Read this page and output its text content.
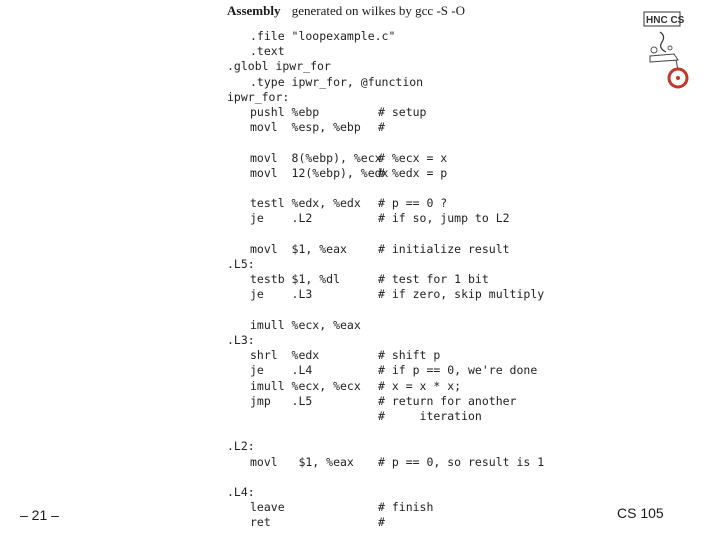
Assembly generated on wilkes by gcc -S -O
.file "loopexample.c"
.text
.globl ipwr_for
.type ipwr_for, @function
ipwr_for:
pushl %ebp	# setup
movl  %esp, %ebp #
movl  8(%ebp), %ecx
# %ecx = x
movl  12(%ebp), %edx
# %edx = p
testl %edx, %edx # p == 0 ?
je    .L2	# if so, jump to L2
movl  $1, %eax	# initialize result
.L5:
testb $1, %dl	# test for 1 bit
je    .L3	# if zero, skip multiply
imull %ecx, %eax
.L3:
shrl  %edx	# shift p
je    .L4	# if p == 0, we're done
imull %ecx, %ecx # x = x * x;
jmp   .L5	# return for another
#     iteration
.L2:
movl   $1, %eax # p == 0, so result is 1
.L4:
leave	# finish
ret	#
– 21 –	CS 105
HNC CS
